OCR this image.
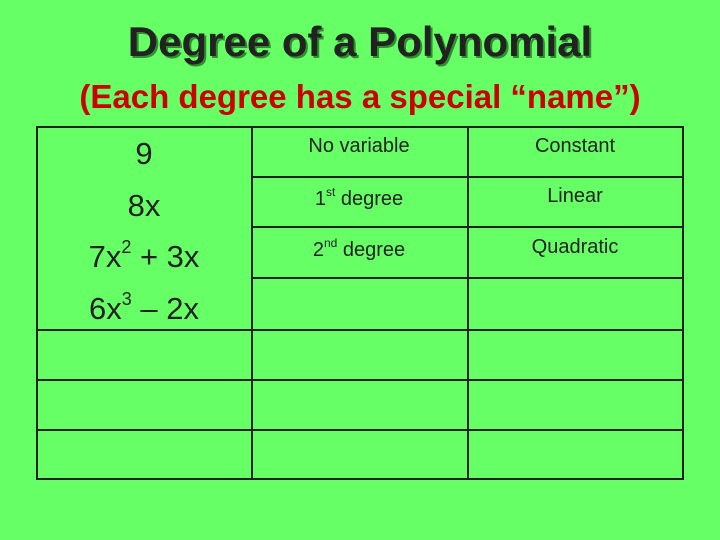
Degree of a Polynomial
(Each degree has a special “name”)
9
8x
$7x^2 + 3x$
$6x^3 - 2x$
No variable
1st degree
2nd degree
Constant
Linear
Quadratic
